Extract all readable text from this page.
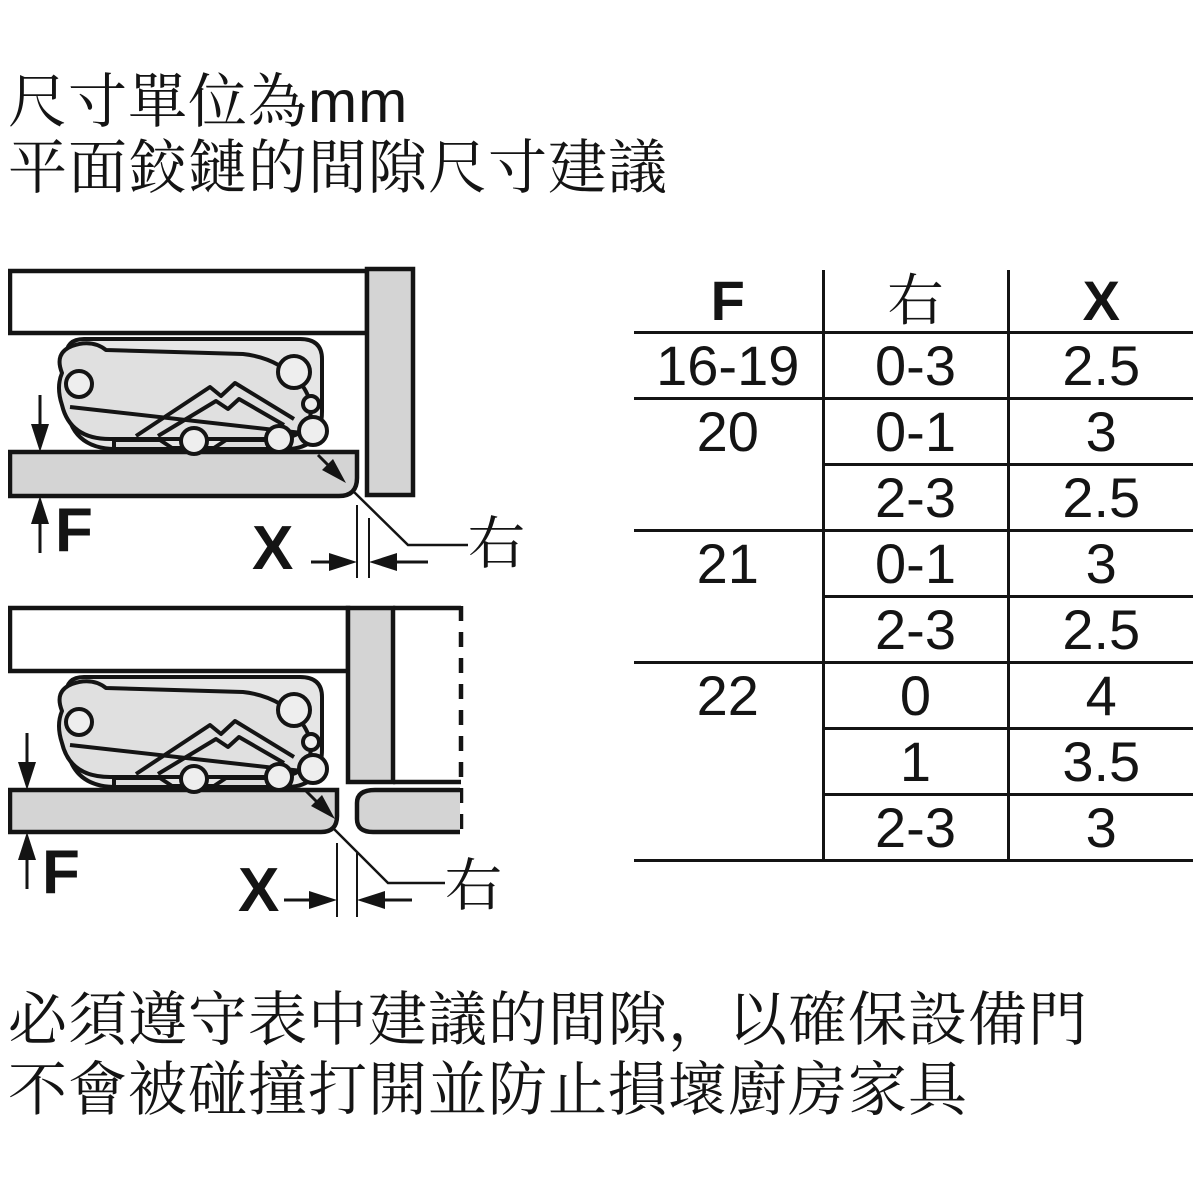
尺寸單位為mm
平面鉸鏈的間隙尺寸建議
F	X	右
F	X	右
F	右	X
16-19	0-3	2.5
20	0-1	3
	2-3	2.5
21	0-1	3
	2-3	2.5
22	0	4
	1	3.5
	2-3	3
必須遵守表中建議的間隙，以確保設備門
不會被碰撞打開並防止損壞廚房家具
